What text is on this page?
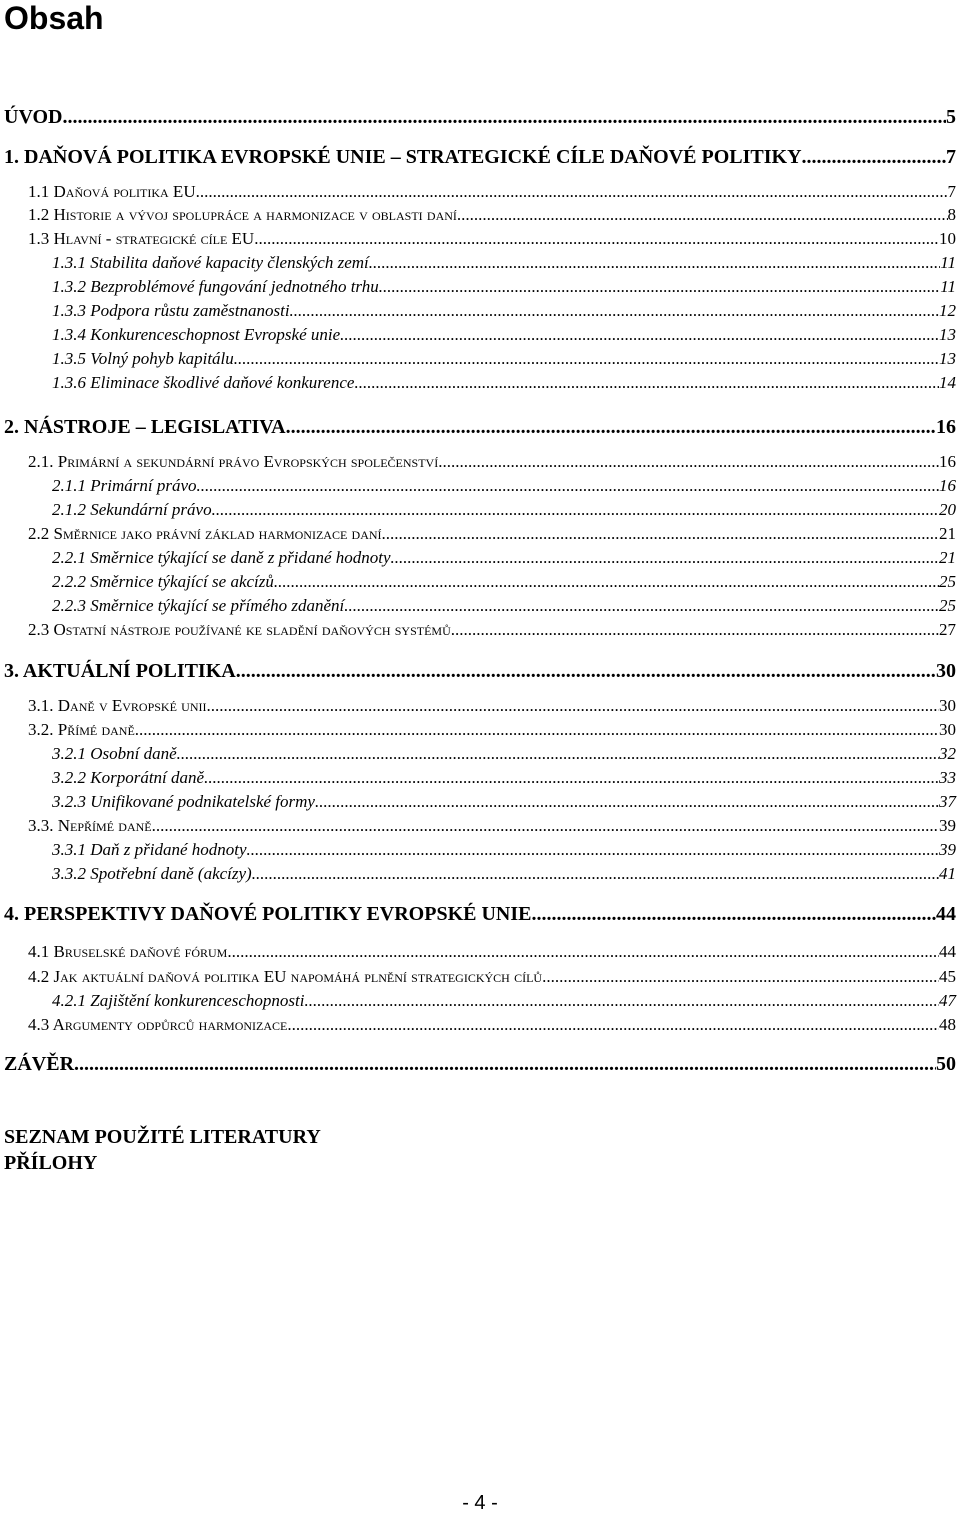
Obsah
ÚVOD .....	5
1. DAŇOVÁ POLITIKA EVROPSKÉ UNIE – STRATEGICKÉ CÍLE DAŇOVÉ POLITIKY .....	7
1.1 Daňová politika EU .....	7
1.2 Historie a vývoj spolupráce a harmonizace v oblasti daní .....	8
1.3 Hlavní - strategické cíle EU .....	10
1.3.1 Stabilita daňové kapacity členských zemí .....	11
1.3.2 Bezproblémové fungování jednotného trhu .....	11
1.3.3 Podpora růstu zaměstnanosti .....	12
1.3.4 Konkurenceschopnost Evropské unie .....	13
1.3.5 Volný pohyb kapitálu .....	13
1.3.6 Eliminace škodlivé daňové konkurence .....	14
2. NÁSTROJE – LEGISLATIVA .....	16
2.1. Primární a sekundární právo Evropských společenství .....	16
2.1.1 Primární právo .....	16
2.1.2 Sekundární právo .....	20
2.2 Směrnice jako právní základ harmonizace daní .....	21
2.2.1 Směrnice týkající se daně z přidané hodnoty .....	21
2.2.2 Směrnice týkající se akcízů .....	25
2.2.3 Směrnice týkající se přímého zdanění .....	25
2.3 Ostatní nástroje používané ke sladění daňových systémů .....	27
3. AKTUÁLNÍ POLITIKA .....	30
3.1. Daně v Evropské unii .....	30
3.2. Přímé daně .....	30
3.2.1 Osobní daně .....	32
3.2.2 Korporátní daně .....	33
3.2.3 Unifikované podnikatelské formy .....	37
3.3. Nepřímé daně .....	39
3.3.1 Daň z přidané hodnoty .....	39
3.3.2 Spotřební daně (akcízy) .....	41
4. PERSPEKTIVY DAŇOVÉ POLITIKY EVROPSKÉ UNIE .....	44
4.1 Bruselské daňové fórum .....	44
4.2 Jak aktuální daňová politika EU napomáhá plnění strategických cílů .....	45
4.2.1 Zajištění konkurenceschopnosti .....	47
4.3 Argumenty odpůrců harmonizace .....	48
ZÁVĚR .....	50
SEZNAM POUŽITÉ LITERATURY
PŘÍLOHY
- 4 -
